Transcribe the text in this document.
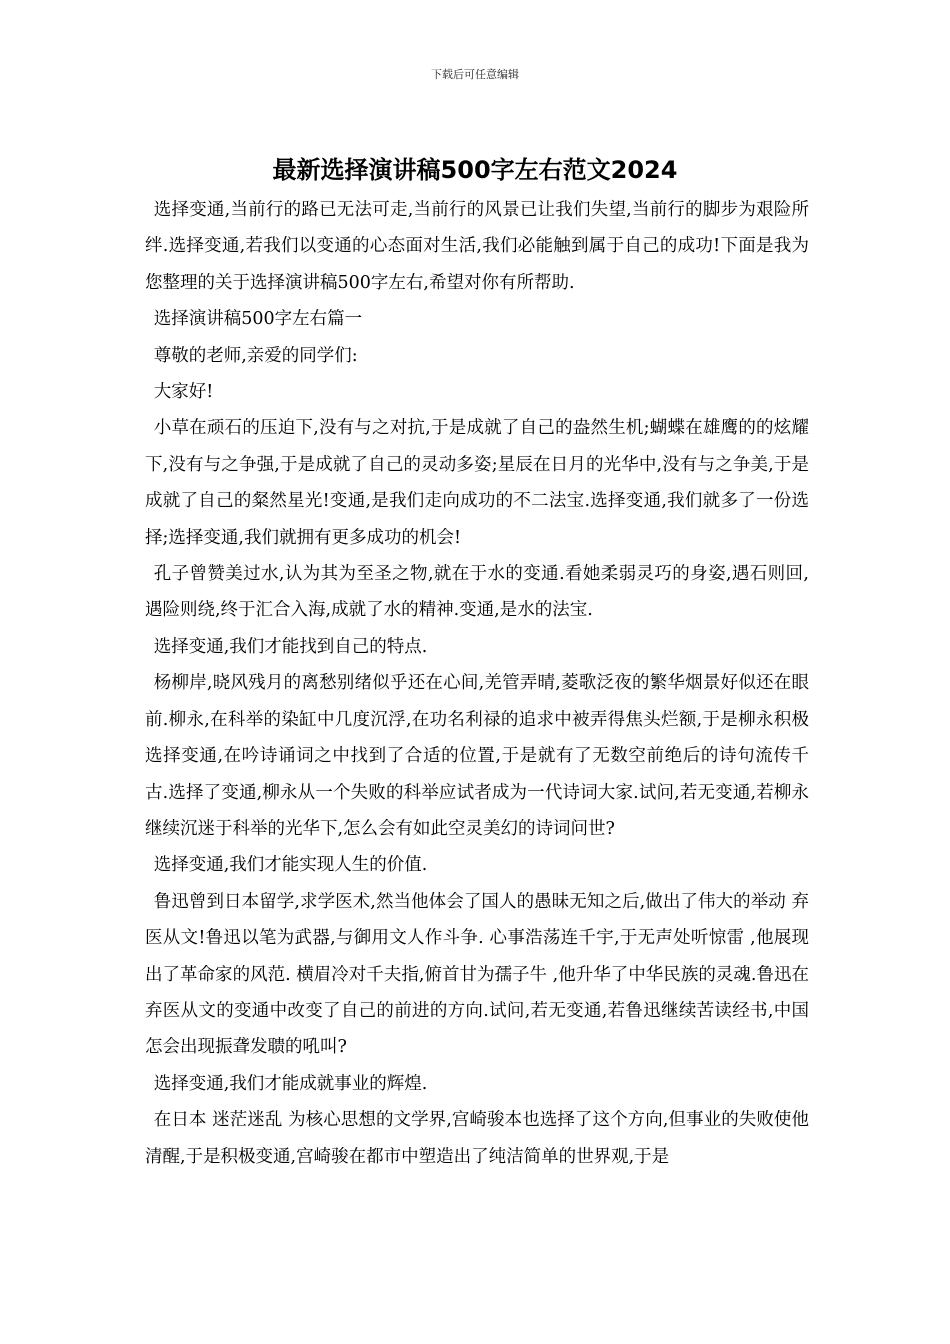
下载后可任意编辑
最新选择演讲稿500字左右范文2024

选择变通,当前行的路已无法可走,当前行的风景已让我们失望,当前行的脚步为艰险所绊.选择变通,若我们以变通的心态面对生活,我们必能触到属于自己的成功!下面是我为您整理的关于选择演讲稿500字左右,希望对你有所帮助.

选择演讲稿500字左右篇一

尊敬的老师,亲爱的同学们:

大家好!

小草在顽石的压迫下,没有与之对抗,于是成就了自己的盎然生机;蝴蝶在雄鹰的的炫耀下,没有与之争强,于是成就了自己的灵动多姿;星辰在日月的光华中,没有与之争美,于是成就了自己的粲然星光!变通,是我们走向成功的不二法宝.选择变通,我们就多了一份选择;选择变通,我们就拥有更多成功的机会!

孔子曾赞美过水,认为其为至圣之物,就在于水的变通.看她柔弱灵巧的身姿,遇石则回,遇险则绕,终于汇合入海,成就了水的精神.变通,是水的法宝.

选择变通,我们才能找到自己的特点.

杨柳岸,晓风残月的离愁别绪似乎还在心间,羌管弄晴,菱歌泛夜的繁华烟景好似还在眼前.柳永,在科举的染缸中几度沉浮,在功名利禄的追求中被弄得焦头烂额,于是柳永积极选择变通,在吟诗诵词之中找到了合适的位置,于是就有了无数空前绝后的诗句流传千古.选择了变通,柳永从一个失败的科举应试者成为一代诗词大家.试问,若无变通,若柳永继续沉迷于科举的光华下,怎么会有如此空灵美幻的诗词问世?

选择变通,我们才能实现人生的价值.

鲁迅曾到日本留学,求学医术,然当他体会了国人的愚昧无知之后,做出了伟大的举动 弃医从文!鲁迅以笔为武器,与御用文人作斗争. 心事浩荡连千宇,于无声处听惊雷 ,他展现出了革命家的风范. 横眉冷对千夫指,俯首甘为孺子牛 ,他升华了中华民族的灵魂.鲁迅在弃医从文的变通中改变了自己的前进的方向.试问,若无变通,若鲁迅继续苦读经书,中国怎会出现振聋发聩的吼叫?

选择变通,我们才能成就事业的辉煌.

在日本 迷茫迷乱 为核心思想的文学界,宫崎骏本也选择了这个方向,但事业的失败使他清醒,于是积极变通,宫崎骏在都市中塑造出了纯洁简单的世界观,于是
